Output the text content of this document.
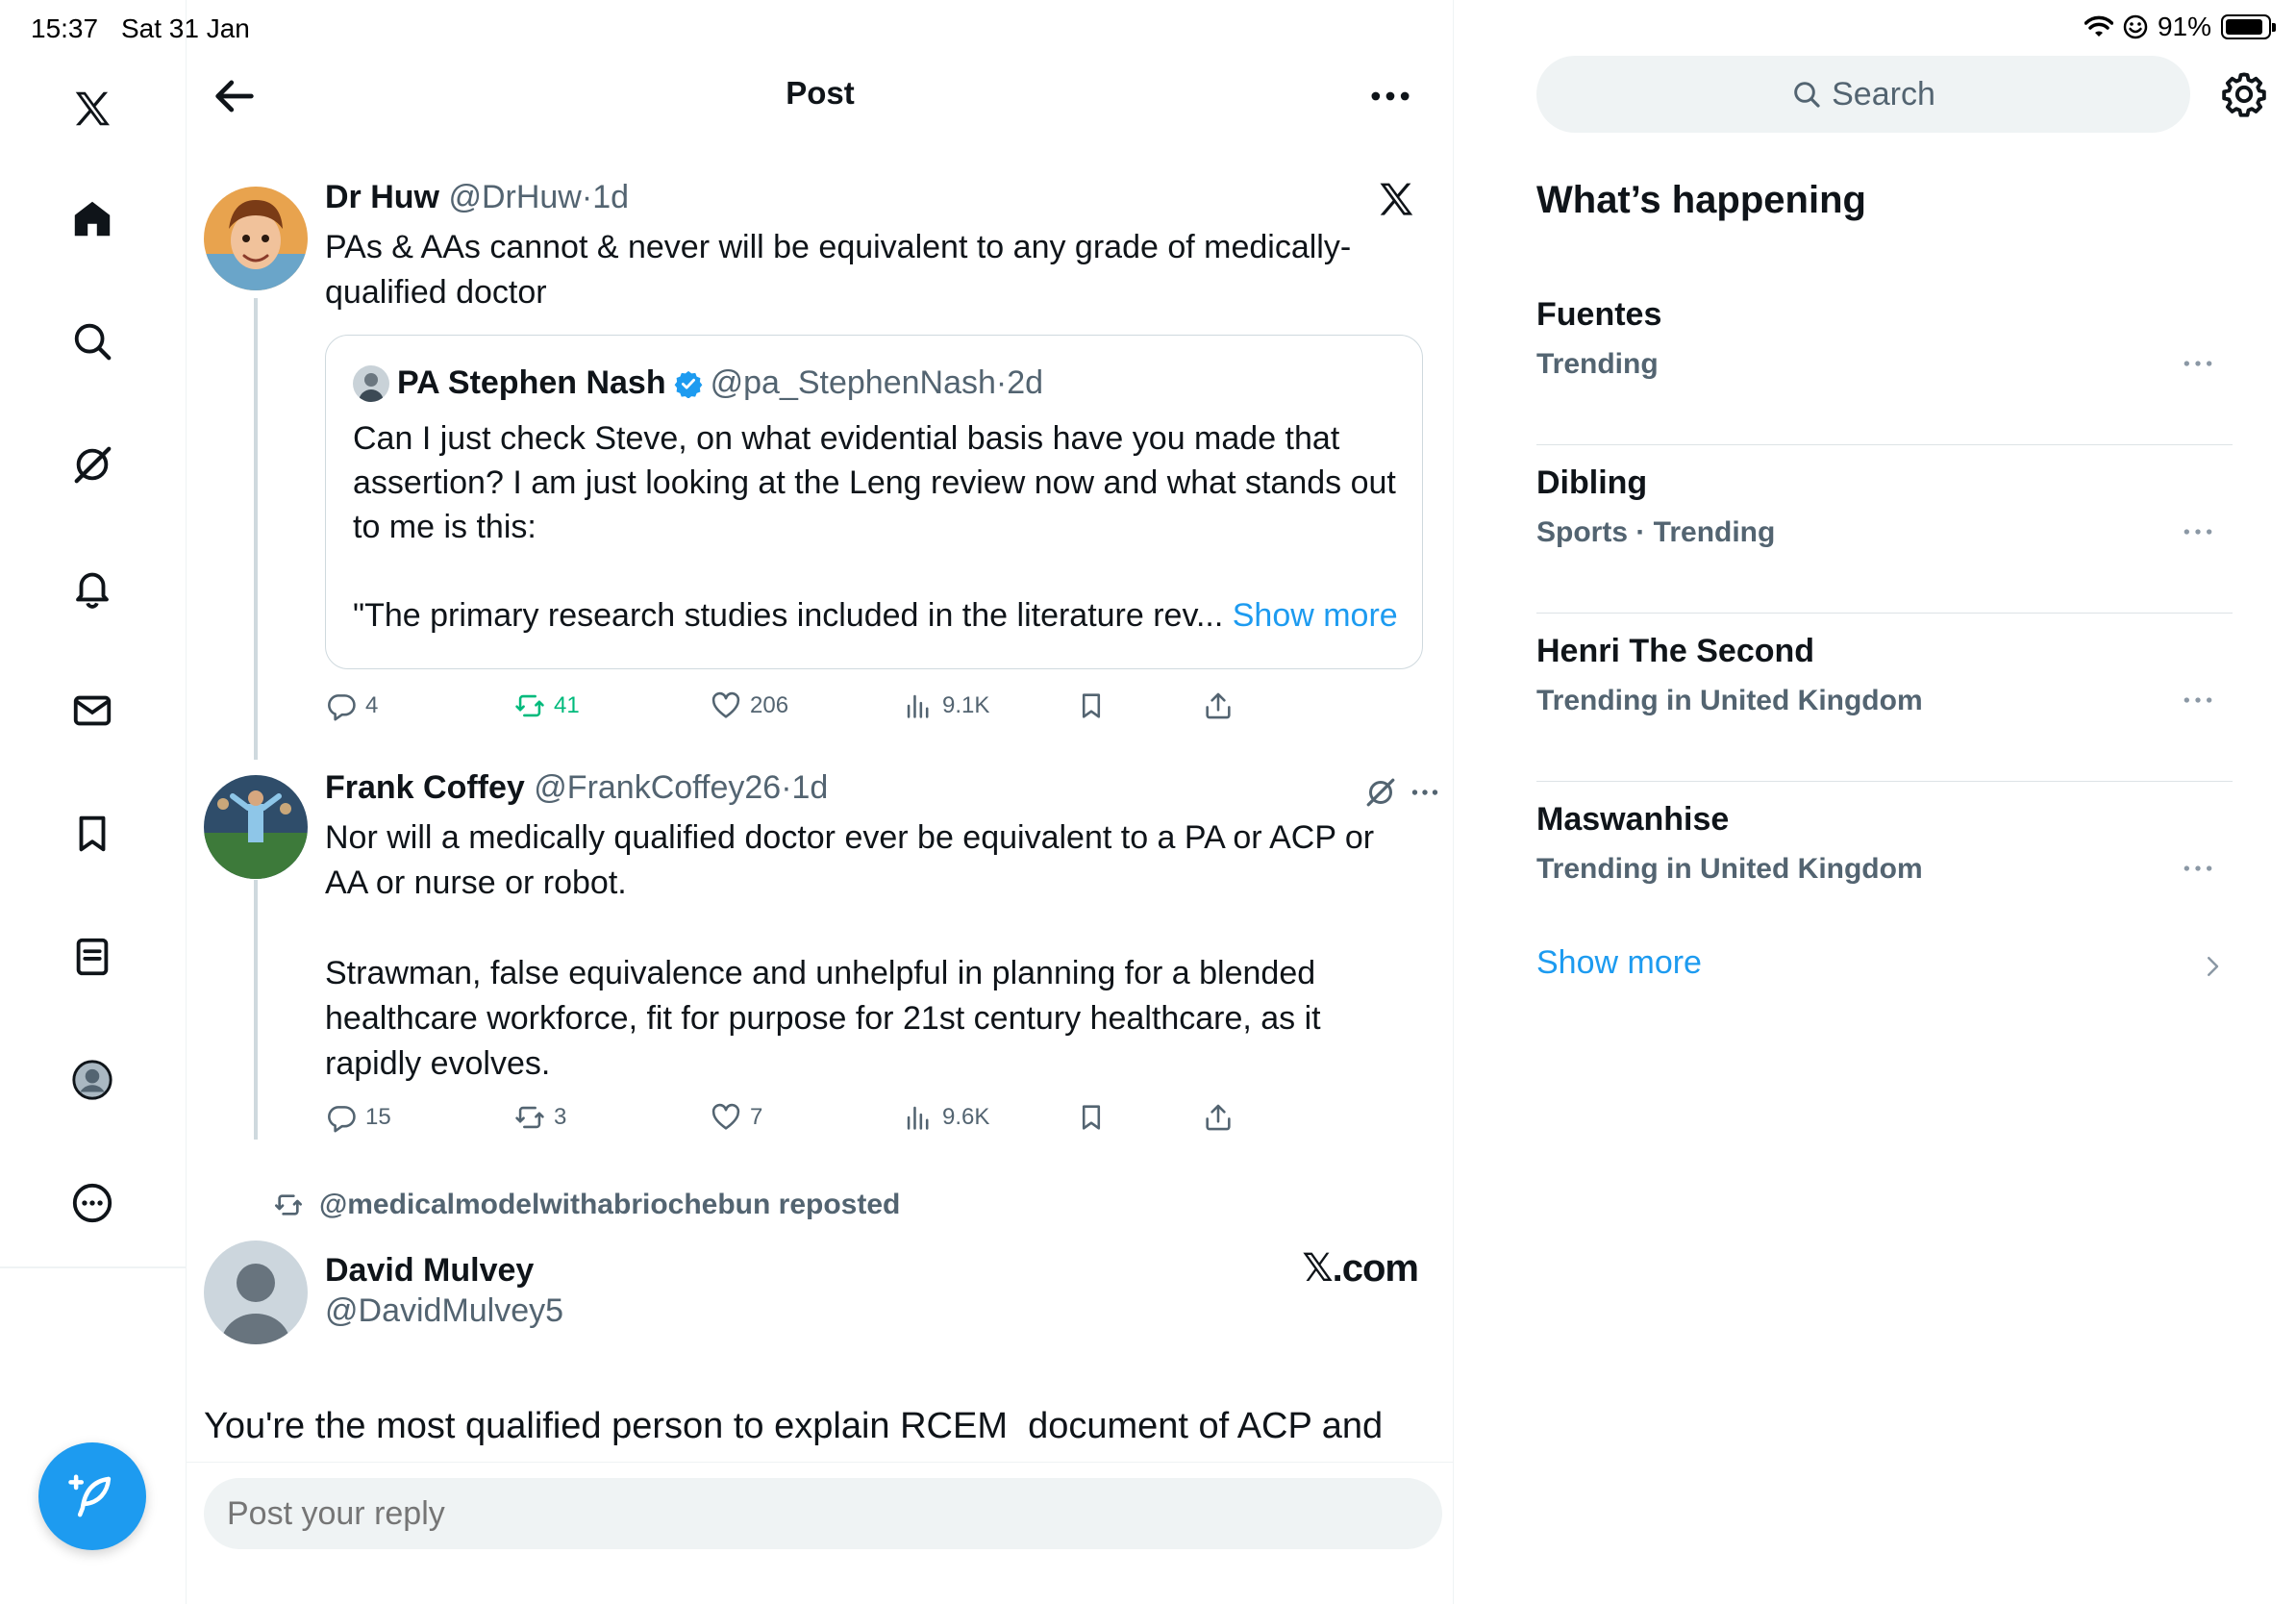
15:37 Sat 31 Jan	91%
Post
Dr Huw @DrHuw·1d
PAs & AAs cannot & never will be equivalent to any grade of medically-
qualified doctor
PA Stephen Nash @pa_StephenNash·2d
Can I just check Steve, on what evidential basis have you made that
assertion? I am just looking at the Leng review now and what stands out
to me is this:

"The primary research studies included in the literature rev... Show more
4	41	206	9.1K
Frank Coffey @FrankCoffey26·1d
Nor will a medically qualified doctor ever be equivalent to a PA or ACP or
AA or nurse or robot.

Strawman, false equivalence and unhelpful in planning for a blended
healthcare workforce, fit for purpose for 21st century healthcare, as it
rapidly evolves.
15	3	7	9.6K
@medicalmodelwithabriochebun reposted
David Mulvey
@DavidMulvey5
𝕏.com
You're the most qualified person to explain RCEM  document of ACP and
Post your reply
Search
What’s happening
Fuentes
Trending
Dibling
Sports · Trending
Henri The Second
Trending in United Kingdom
Maswanhise
Trending in United Kingdom
Show more
